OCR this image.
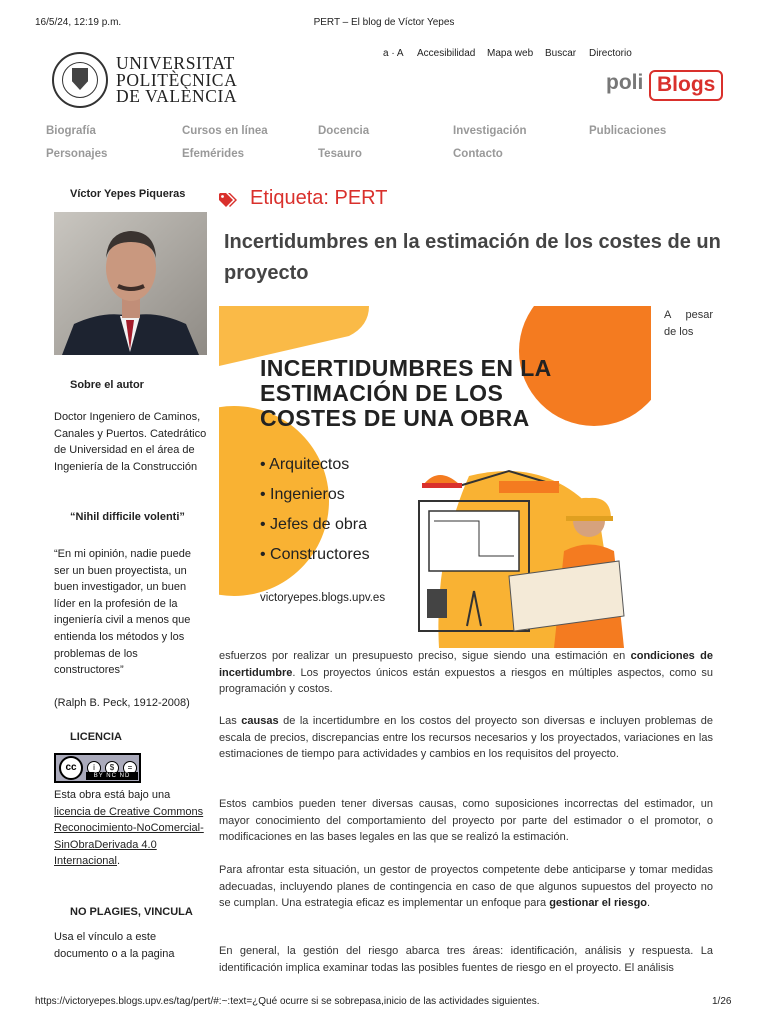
16/5/24, 12:19 p.m.	PERT – El blog de Víctor Yepes
UNIVERSITAT
POLITÈCNICA
DE VALÈNCIA
a · A Accesibilidad Mapa web Buscar Directorio
poli Blogs
Biografía	Cursos en línea	Docencia	Investigación	Publicaciones
Personajes	Efemérides	Tesauro	Contacto
Víctor Yepes Piqueras
Sobre el autor
Doctor Ingeniero de Caminos, Canales y Puertos. Catedrático de Universidad en el área de Ingeniería de la Construcción
“Nihil difficile volenti”
“En mi opinión, nadie puede ser un buen proyectista, un buen investigador, un buen líder en la profesión de la ingeniería civil a menos que entienda los métodos y los problemas de los constructores”
(Ralph B. Peck, 1912-2008)
LICENCIA
cc	i	$	=
BY NC ND
Esta obra está bajo una licencia de Creative Commons Reconocimiento-NoComercial-SinObraDerivada 4.0 Internacional.
NO PLAGIES, VINCULA
Usa el vínculo a este documento o a la pagina
Etiqueta: PERT
Incertidumbres en la estimación de los costes de un proyecto
INCERTIDUMBRES EN LA
ESTIMACIÓN DE LOS
COSTES DE UNA OBRA
• Arquitectos
• Ingenieros
• Jefes de obra
• Constructores
victoryepes.blogs.upv.es
A pesar de los
esfuerzos por realizar un presupuesto preciso, sigue siendo una estimación en condiciones de incertidumbre. Los proyectos únicos están expuestos a riesgos en múltiples aspectos, como su programación y costos.
Las causas de la incertidumbre en los costos del proyecto son diversas e incluyen problemas de escala de precios, discrepancias entre los recursos necesarios y los proyectados, variaciones en las estimaciones de tiempo para actividades y cambios en los requisitos del proyecto.
Estos cambios pueden tener diversas causas, como suposiciones incorrectas del estimador, un mayor conocimiento del comportamiento del proyecto por parte del estimador o el promotor, o modificaciones en las bases legales en las que se realizó la estimación.
Para afrontar esta situación, un gestor de proyectos competente debe anticiparse y tomar medidas adecuadas, incluyendo planes de contingencia en caso de que algunos supuestos del proyecto no se cumplan. Una estrategia eficaz es implementar un enfoque para gestionar el riesgo.
En general, la gestión del riesgo abarca tres áreas: identificación, análisis y respuesta. La identificación implica examinar todas las posibles fuentes de riesgo en el proyecto. El análisis
https://victoryepes.blogs.upv.es/tag/pert/#:~:text=¿Qué ocurre si se sobrepasa,inicio de las actividades siguientes.	1/26
